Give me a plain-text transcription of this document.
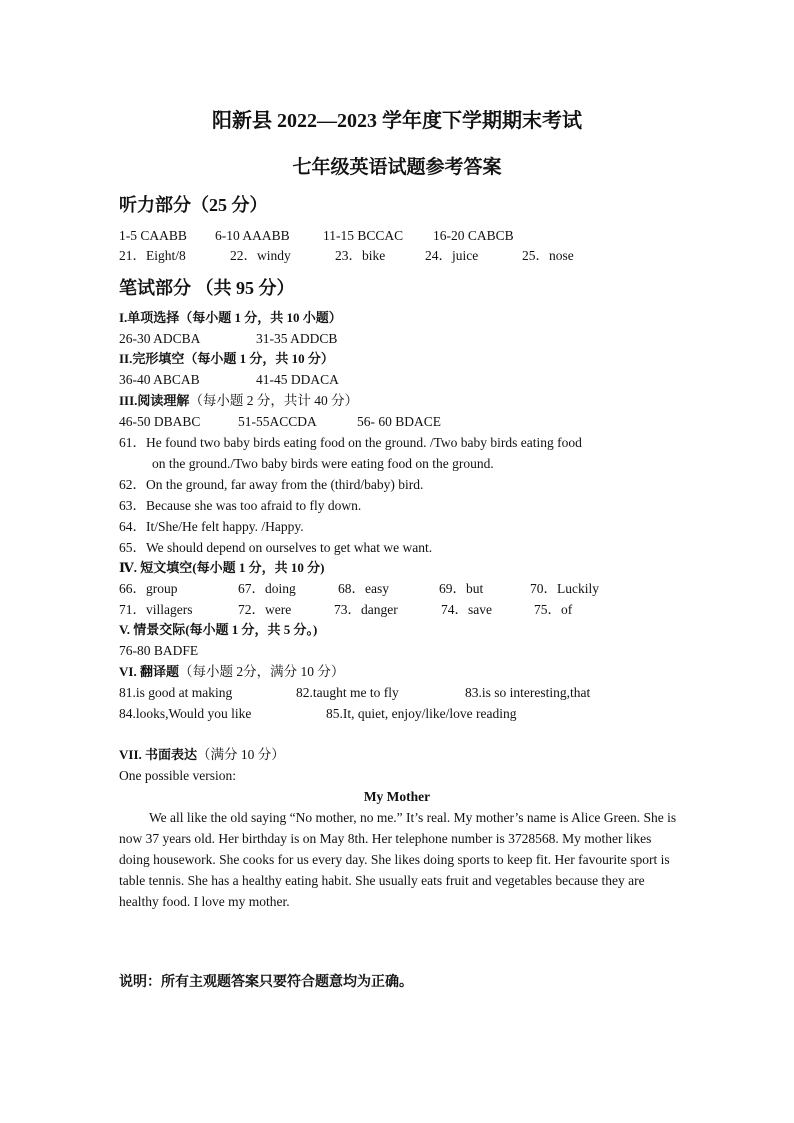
阳新县 2022—2023 学年度下学期期末考试
七年级英语试题参考答案
听力部分（25 分）
1-5 CAABB 6-10 AAABB 11-15 BCCAC 16-20 CABCB
21．Eight/8	22．windy	23．bike	24．juice	25．nose
笔试部分 （共 95 分）
I.单项选择（每小题 1 分，共 10 小题）
26-30 ADCBA	31-35 ADDCB
II.完形填空（每小题 1 分，共 10 分）
36-40 ABCAB	41-45 DDACA
III.阅读理解（每小题 2 分，共计 40 分）
46-50 DBABC	51-55ACCDA	56- 60 BDACE
61．He found two baby birds eating food on the ground. /Two baby birds eating food
on the ground./Two baby birds were eating food on the ground.
62．On the ground, far away from the (third/baby) bird.
63．Because she was too afraid to fly down.
64．It/She/He felt happy. /Happy.
65．We should depend on ourselves to get what we want.
Ⅳ. 短文填空(每小题 1 分，共 10 分)
66．group	67．doing	68．easy	69．but	70．Luckily
71．villagers	72．were	73．danger	74．save	75．of
V. 情景交际(每小题 1 分，共 5 分。)
76-80 BADFE
VI. 翻译题（每小题 2分，满分 10 分）
81.is good at making	82.taught me to fly	83.is so interesting,that
84.looks,Would you like	85.It, quiet, enjoy/like/love reading
VII. 书面表达（满分 10 分）
One possible version:
My Mother

We all like the old saying “No mother, no me.” It’s real. My mother’s name is Alice Green. She is now 37 years old. Her birthday is on May 8th. Her telephone number is 3728568. My mother likes doing housework. She cooks for us every day. She likes doing sports to keep fit. Her favourite sport is table tennis. She has a healthy eating habit. She usually eats fruit and vegetables because they are healthy food. I love my mother.

说明：所有主观题答案只要符合题意均为正确。
